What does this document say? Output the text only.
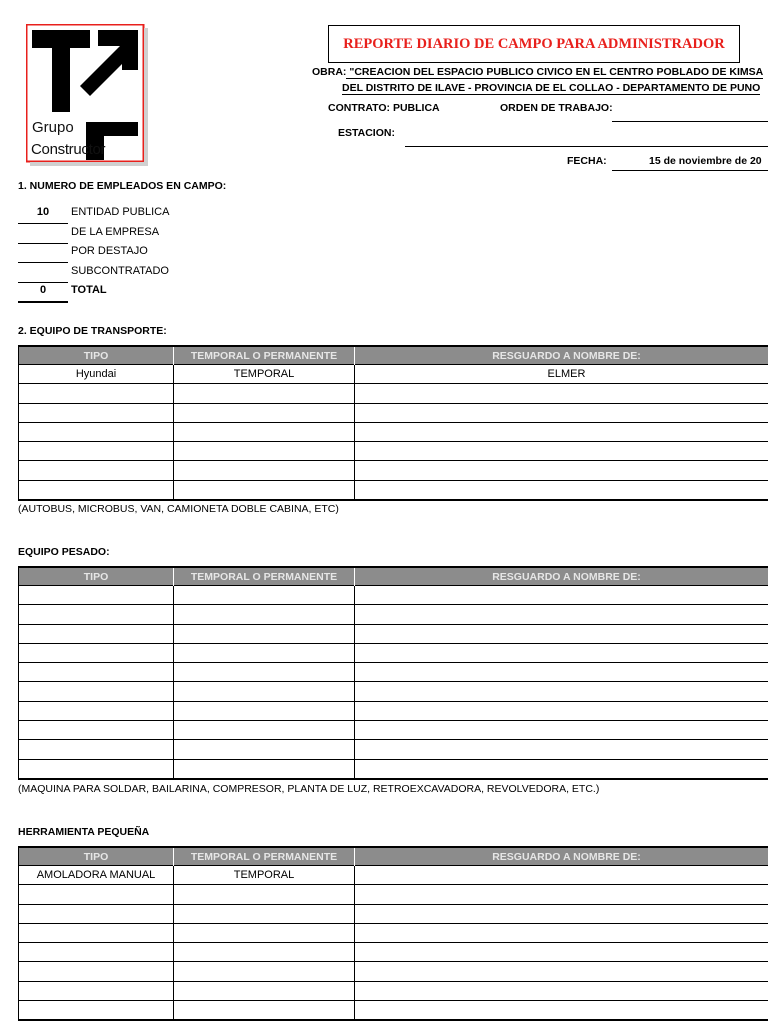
Grupo
Constructor
REPORTE DIARIO DE CAMPO PARA ADMINISTRADOR
OBRA: "CREACION DEL ESPACIO PUBLICO CIVICO EN EL CENTRO POBLADO DE KIMSA
DEL DISTRITO DE ILAVE - PROVINCIA DE EL COLLAO - DEPARTAMENTO DE PUNO
CONTRATO: PUBLICA	ORDEN DE TRABAJO:
ESTACION:
FECHA:	15 de noviembre de 20
1. NUMERO DE EMPLEADOS EN CAMPO:
10	ENTIDAD PUBLICA
DE LA EMPRESA
POR DESTAJO
SUBCONTRATADO
0	TOTAL
2. EQUIPO DE TRANSPORTE:
TIPO	TEMPORAL O PERMANENTE	RESGUARDO A NOMBRE DE:
Hyundai	TEMPORAL	ELMER

(AUTOBUS, MICROBUS, VAN, CAMIONETA DOBLE CABINA, ETC)
EQUIPO PESADO:
TIPO	TEMPORAL O PERMANENTE	RESGUARDO A NOMBRE DE:

(MAQUINA PARA SOLDAR, BAILARINA, COMPRESOR, PLANTA DE LUZ, RETROEXCAVADORA, REVOLVEDORA, ETC.)
HERRAMIENTA PEQUEÑA
TIPO	TEMPORAL O PERMANENTE	RESGUARDO A NOMBRE DE:
AMOLADORA MANUAL	TEMPORAL	
